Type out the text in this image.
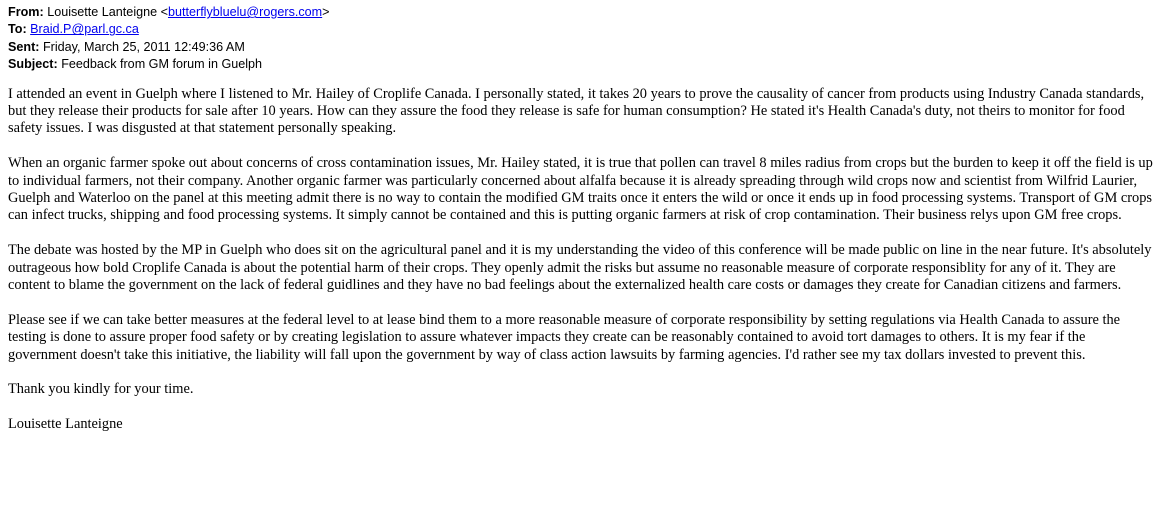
From: Louisette Lanteigne <butterflybluelu@rogers.com>
To: Braid.P@parl.gc.ca
Sent: Friday, March 25, 2011 12:49:36 AM
Subject: Feedback from GM forum in Guelph

I attended an event in Guelph where I listened to Mr. Hailey of Croplife Canada. I personally stated, it takes 20 years to prove the causality of cancer from products using Industry Canada standards, but they release their products for sale after 10 years. How can they assure the food they release is safe for human consumption? He stated it's Health Canada's duty, not theirs to monitor for food safety issues. I was disgusted at that statement personally speaking.

When an organic farmer spoke out about concerns of cross contamination issues, Mr. Hailey stated, it is true that pollen can travel 8 miles radius from crops but the burden to keep it off the field is up to individual farmers, not their company. Another organic farmer was particularly concerned about alfalfa because it is already spreading through wild crops now and scientist from Wilfrid Laurier, Guelph and Waterloo on the panel at this meeting admit there is no way to contain the modified GM traits once it enters the wild or once it ends up in food processing systems. Transport of GM crops can infect trucks, shipping and food processing systems. It simply cannot be contained and this is putting organic farmers at risk of crop contamination. Their business relys upon GM free crops.

The debate was hosted by the MP in Guelph who does sit on the agricultural panel and it is my understanding the video of this conference will be made public on line in the near future. It's absolutely outrageous how bold Croplife Canada is about the potential harm of their crops. They openly admit the risks but assume no reasonable measure of corporate responsiblity for any of it. They are content to blame the government on the lack of federal guidlines and they have no bad feelings about the externalized health care costs or damages they create for Canadian citizens and farmers.

Please see if we can take better measures at the federal level to at lease bind them to a more reasonable measure of corporate responsibility by setting regulations via Health Canada to assure the testing is done to assure proper food safety or by creating legislation to assure whatever impacts they create can be reasonably contained to avoid tort damages to others. It is my fear if the government doesn't take this initiative, the liability will fall upon the government by way of class action lawsuits by farming agencies. I'd rather see my tax dollars invested to prevent this.

Thank you kindly for your time.

Louisette Lanteigne
